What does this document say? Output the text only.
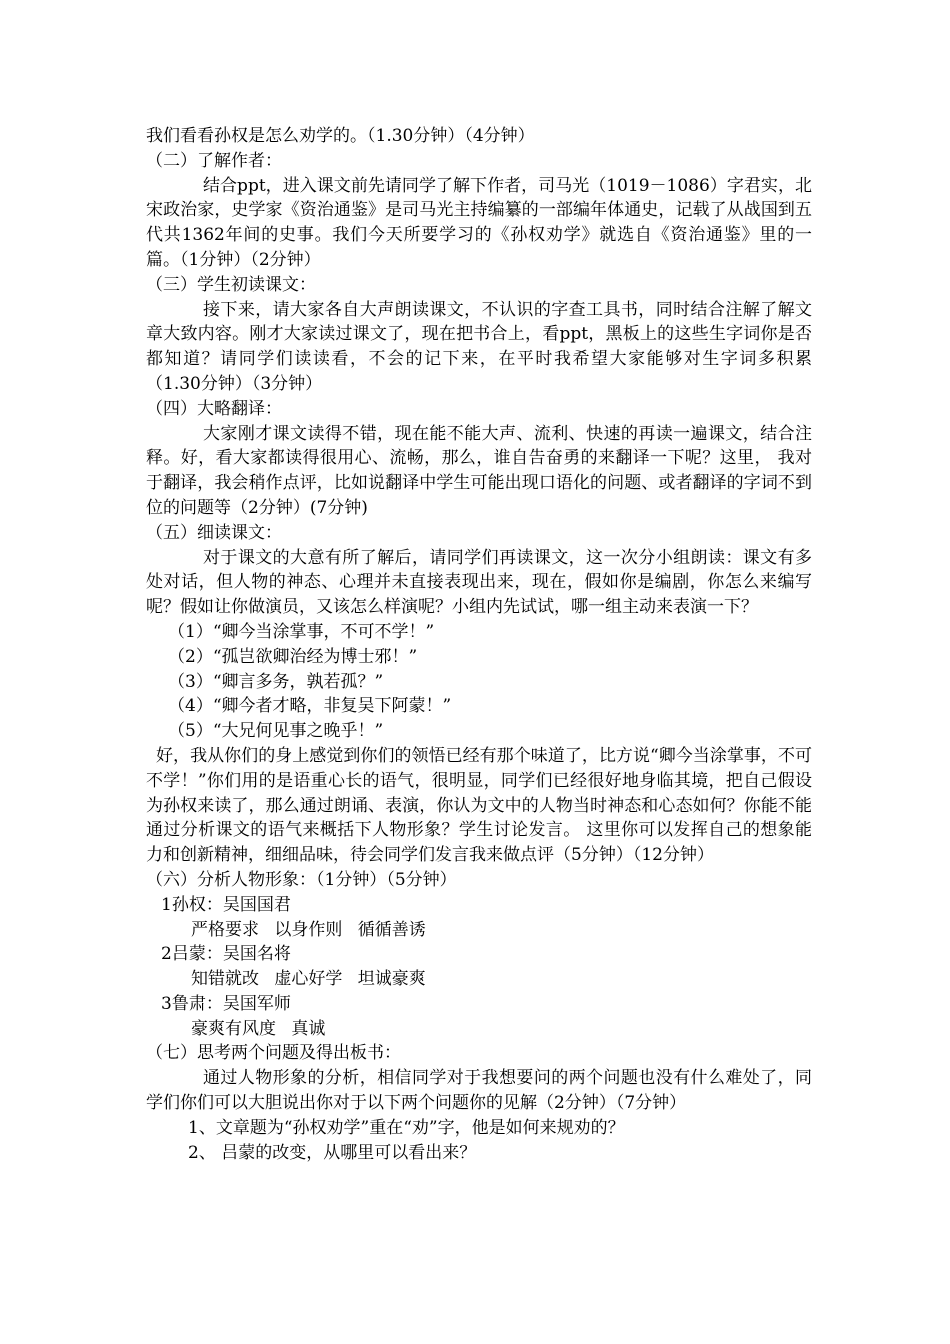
我们看看孙权是怎么劝学的。（1.30分钟）（4分钟）

（二）了解作者：

结合ppt，进入课文前先请同学了解下作者，司马光（1019－1086）字君实，北宋政治家，史学家《资治通鉴》是司马光主持编纂的一部编年体通史，记载了从战国到五代共1362年间的史事。我们今天所要学习的《孙权劝学》就选自《资治通鉴》里的一篇。（1分钟）（2分钟）

（三）学生初读课文：

接下来，请大家各自大声朗读课文，不认识的字查工具书，同时结合注解了解文章大致内容。刚才大家读过课文了，现在把书合上，看ppt，黑板上的这些生字词你是否都知道？请同学们读读看，不会的记下来，在平时我希望大家能够对生字词多积累（1.30分钟）（3分钟）

（四）大略翻译：

大家刚才课文读得不错，现在能不能大声、流利、快速的再读一遍课文，结合注释。好，看大家都读得很用心、流畅，那么，谁自告奋勇的来翻译一下呢？这里， 我对于翻译，我会稍作点评，比如说翻译中学生可能出现口语化的问题、或者翻译的字词不到位的问题等（2分钟）(7分钟)

（五）细读课文：

对于课文的大意有所了解后，请同学们再读课文，这一次分小组朗读：课文有多处对话，但人物的神态、心理并未直接表现出来，现在，假如你是编剧，你怎么来编写呢？假如让你做演员，又该怎么样演呢？小组内先试试，哪一组主动来表演一下？

（1）“卿今当涂掌事，不可不学！”
（2）“孤岂欲卿治经为博士邪！”
（3）“卿言多务，孰若孤？”
（4）“卿今者才略，非复吴下阿蒙！”
（5）“大兄何见事之晚乎！”

好，我从你们的身上感觉到你们的领悟已经有那个味道了，比方说“卿今当涂掌事，不可不学！”你们用的是语重心长的语气，很明显，同学们已经很好地身临其境，把自己假设为孙权来读了，那么通过朗诵、表演，你认为文中的人物当时神态和心态如何？你能不能通过分析课文的语气来概括下人物形象？学生讨论发言。 这里你可以发挥自己的想象能力和创新精神，细细品味，待会同学们发言我来做点评（5分钟）（12分钟）

（六）分析人物形象：（1分钟）（5分钟）
1孙权：吴国国君
严格要求 以身作则 循循善诱
2吕蒙：吴国名将
知错就改 虚心好学 坦诚豪爽
3鲁肃：吴国军师
豪爽有风度 真诚
（七）思考两个问题及得出板书：

通过人物形象的分析，相信同学对于我想要问的两个问题也没有什么难处了，同学们你们可以大胆说出你对于以下两个问题你的见解（2分钟）（7分钟）

1、文章题为“孙权劝学”重在“劝”字，他是如何来规劝的？
2、 吕蒙的改变，从哪里可以看出来？
